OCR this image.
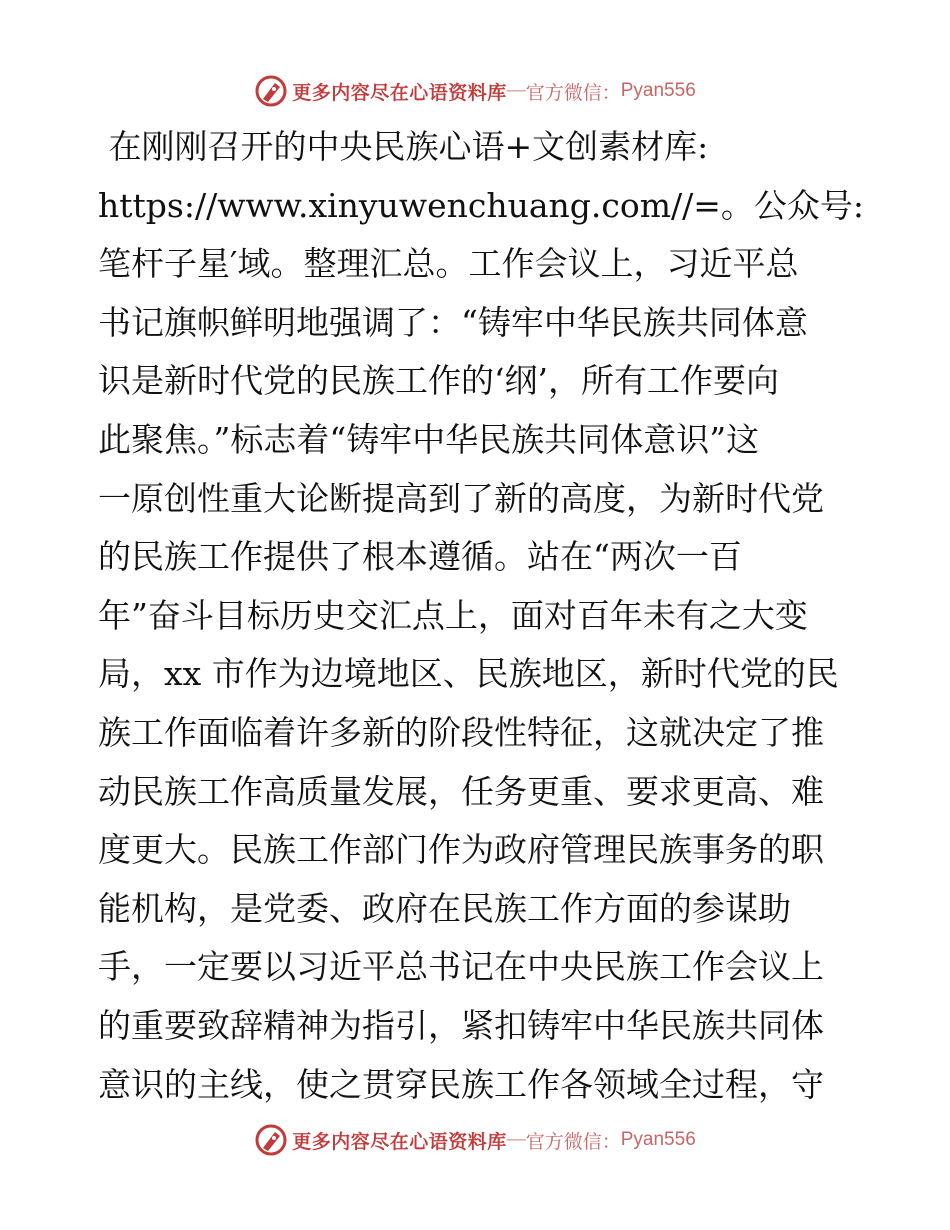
更多内容尽在心语资料库 — 官方微信： Pyan556
在刚刚召开的中央民族心语+文创素材库:
https://www.xinyuwenchuang.com//=。公众号:
笔杆子星′域。整理汇总。工作会议上，习近平总
书记旗帜鲜明地强调了：“铸牢中华民族共同体意
识是新时代党的民族工作的‘纲’，所有工作要向
此聚焦。”标志着“铸牢中华民族共同体意识”这
一原创性重大论断提高到了新的高度，为新时代党
的民族工作提供了根本遵循。站在“两次一百
年”奋斗目标历史交汇点上，面对百年未有之大变
局，xx 市作为边境地区、民族地区，新时代党的民
族工作面临着许多新的阶段性特征，这就决定了推
动民族工作高质量发展，任务更重、要求更高、难
度更大。民族工作部门作为政府管理民族事务的职
能机构，是党委、政府在民族工作方面的参谋助
手，一定要以习近平总书记在中央民族工作会议上
的重要致辞精神为指引，紧扣铸牢中华民族共同体
意识的主线，使之贯穿民族工作各领域全过程，守
更多内容尽在心语资料库 — 官方微信： Pyan556
